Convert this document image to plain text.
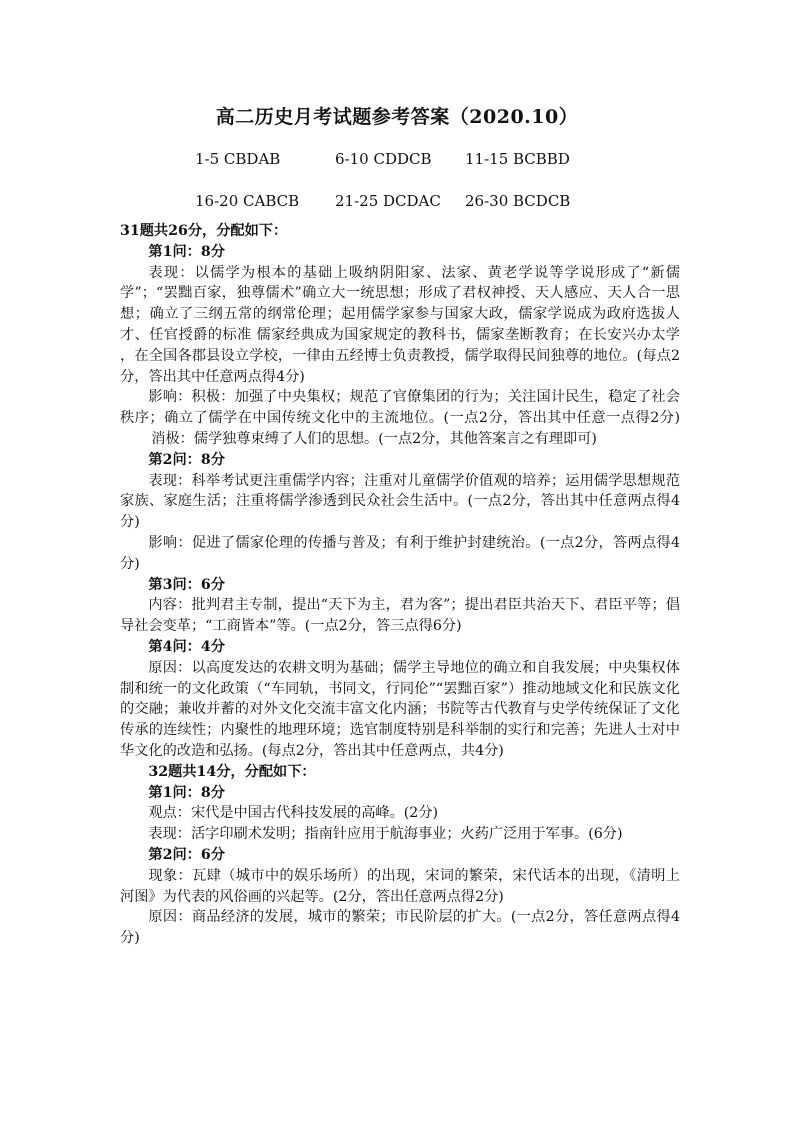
高二历史月考试题参考答案（2020.10）
1-5 CBDAB	6-10 CDDCB 11-15 BCBBD
16-20 CABCB 21-25 DCDAC 26-30 BCDCB

31题共26分，分配如下：

第1问：8分

表现：以儒学为根本的基础上吸纳阴阳家、法家、黄老学说等学说形成了“新儒学”；“罢黜百家，独尊儒术”确立大一统思想；形成了君权神授、天人感应、天人合一思想；确立了三纲五常的纲常伦理；起用儒学家参与国家大政，儒家学说成为政府选拔人才、任官授爵的标准 儒家经典成为国家规定的教科书，儒家垄断教育；在长安兴办太学 ，在全国各郡县设立学校，一律由五经博士负责教授，儒学取得民间独尊的地位。(每点2分，答出其中任意两点得4分)

影响：积极：加强了中央集权；规范了官僚集团的行为；关注国计民生，稳定了社会秩序；确立了儒学在中国传统文化中的主流地位。(一点2分，答出其中任意一点得2分)消极：儒学独尊束缚了人们的思想。(一点2分，其他答案言之有理即可)

第2问：8分

表现：科举考试更注重儒学内容；注重对儿童儒学价值观的培养；运用儒学思想规范家族、家庭生活；注重将儒学渗透到民众社会生活中。(一点2分，答出其中任意两点得4分)

影响：促进了儒家伦理的传播与普及；有利于维护封建统治。(一点2分，答两点得4分)

第3问：6分

内容：批判君主专制，提出“天下为主，君为客”；提出君臣共治天下、君臣平等；倡导社会变革；“工商皆本”等。(一点2分，答三点得6分)

第4问：4分

原因：以高度发达的农耕文明为基础；儒学主导地位的确立和自我发展；中央集权体制和统一的文化政策（“车同轨，书同文，行同伦”“罢黜百家”）推动地域文化和民族文化的交融；兼收并蓄的对外文化交流丰富文化内涵；书院等古代教育与史学传统保证了文化传承的连续性；内聚性的地理环境；选官制度特别是科举制的实行和完善；先进人士对中华文化的改造和弘扬。(每点2分，答出其中任意两点，共4分)

32题共14分，分配如下：

第1问：8分

观点：宋代是中国古代科技发展的高峰。(2分)

表现：活字印刷术发明；指南针应用于航海事业；火药广泛用于军事。(6分)

第2问：6分

现象：瓦肆（城市中的娱乐场所）的出现，宋词的繁荣，宋代话本的出现，《清明上河图》为代表的风俗画的兴起等。(2分，答出任意两点得2分)

原因：商品经济的发展，城市的繁荣；市民阶层的扩大。(一点2分，答任意两点得4分)
